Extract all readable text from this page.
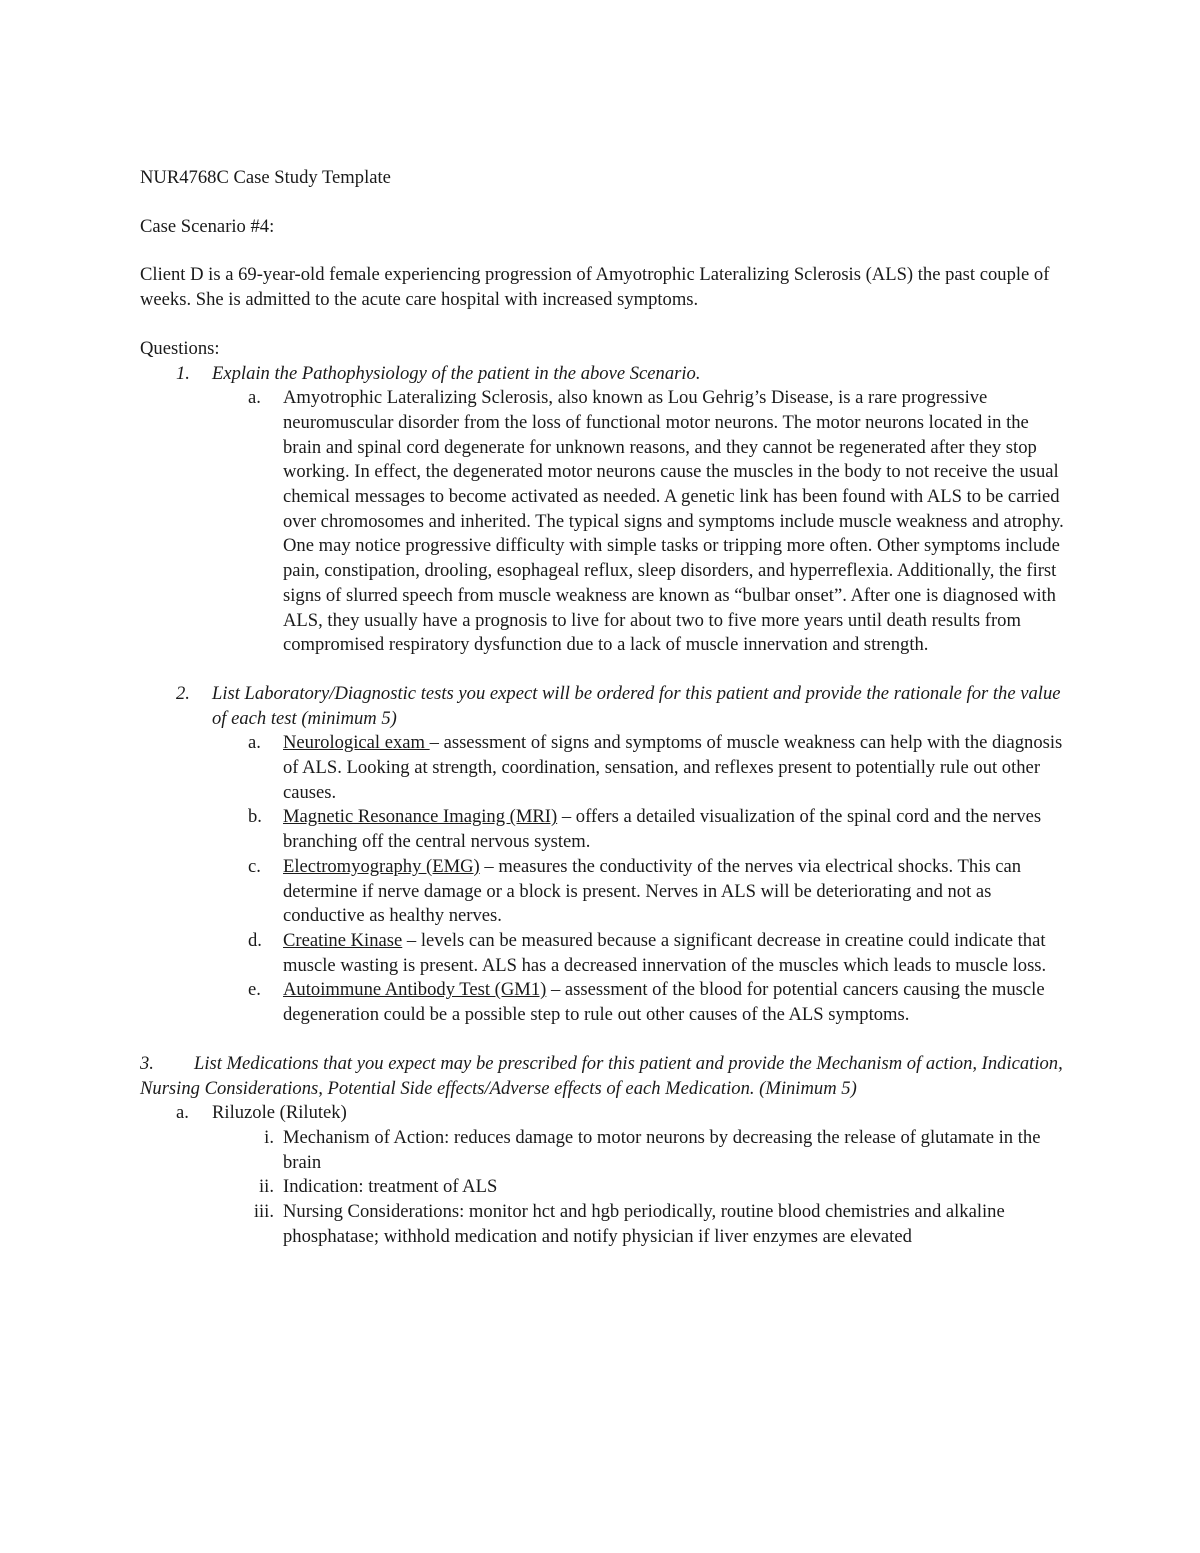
NUR4768C Case Study Template

Case Scenario #4:

Client D is a 69-year-old female experiencing progression of Amyotrophic Lateralizing Sclerosis (ALS) the past couple of weeks. She is admitted to the acute care hospital with increased symptoms.

Questions:

1. Explain the Pathophysiology of the patient in the above Scenario.
a. Amyotrophic Lateralizing Sclerosis, also known as Lou Gehrig’s Disease, is a rare progressive neuromuscular disorder from the loss of functional motor neurons. The motor neurons located in the brain and spinal cord degenerate for unknown reasons, and they cannot be regenerated after they stop working. In effect, the degenerated motor neurons cause the muscles in the body to not receive the usual chemical messages to become activated as needed. A genetic link has been found with ALS to be carried over chromosomes and inherited. The typical signs and symptoms include muscle weakness and atrophy. One may notice progressive difficulty with simple tasks or tripping more often. Other symptoms include pain, constipation, drooling, esophageal reflux, sleep disorders, and hyperreflexia. Additionally, the first signs of slurred speech from muscle weakness are known as “bulbar onset”. After one is diagnosed with ALS, they usually have a prognosis to live for about two to five more years until death results from compromised respiratory dysfunction due to a lack of muscle innervation and strength.
2. List Laboratory/Diagnostic tests you expect will be ordered for this patient and provide the rationale for the value of each test (minimum 5)
a. Neurological exam – assessment of signs and symptoms of muscle weakness can help with the diagnosis of ALS. Looking at strength, coordination, sensation, and reflexes present to potentially rule out other causes.
b. Magnetic Resonance Imaging (MRI) – offers a detailed visualization of the spinal cord and the nerves branching off the central nervous system.
c. Electromyography (EMG) – measures the conductivity of the nerves via electrical shocks. This can determine if nerve damage or a block is present. Nerves in ALS will be deteriorating and not as conductive as healthy nerves.
d. Creatine Kinase – levels can be measured because a significant decrease in creatine could indicate that muscle wasting is present. ALS has a decreased innervation of the muscles which leads to muscle loss.
e. Autoimmune Antibody Test (GM1) – assessment of the blood for potential cancers causing the muscle degeneration could be a possible step to rule out other causes of the ALS symptoms.
3. List Medications that you expect may be prescribed for this patient and provide the Mechanism of action, Indication, Nursing Considerations, Potential Side effects/Adverse effects of each Medication. (Minimum 5)
a. Riluzole (Rilutek)
i. Mechanism of Action: reduces damage to motor neurons by decreasing the release of glutamate in the brain
ii. Indication: treatment of ALS
iii. Nursing Considerations: monitor hct and hgb periodically, routine blood chemistries and alkaline phosphatase; withhold medication and notify physician if liver enzymes are elevated
